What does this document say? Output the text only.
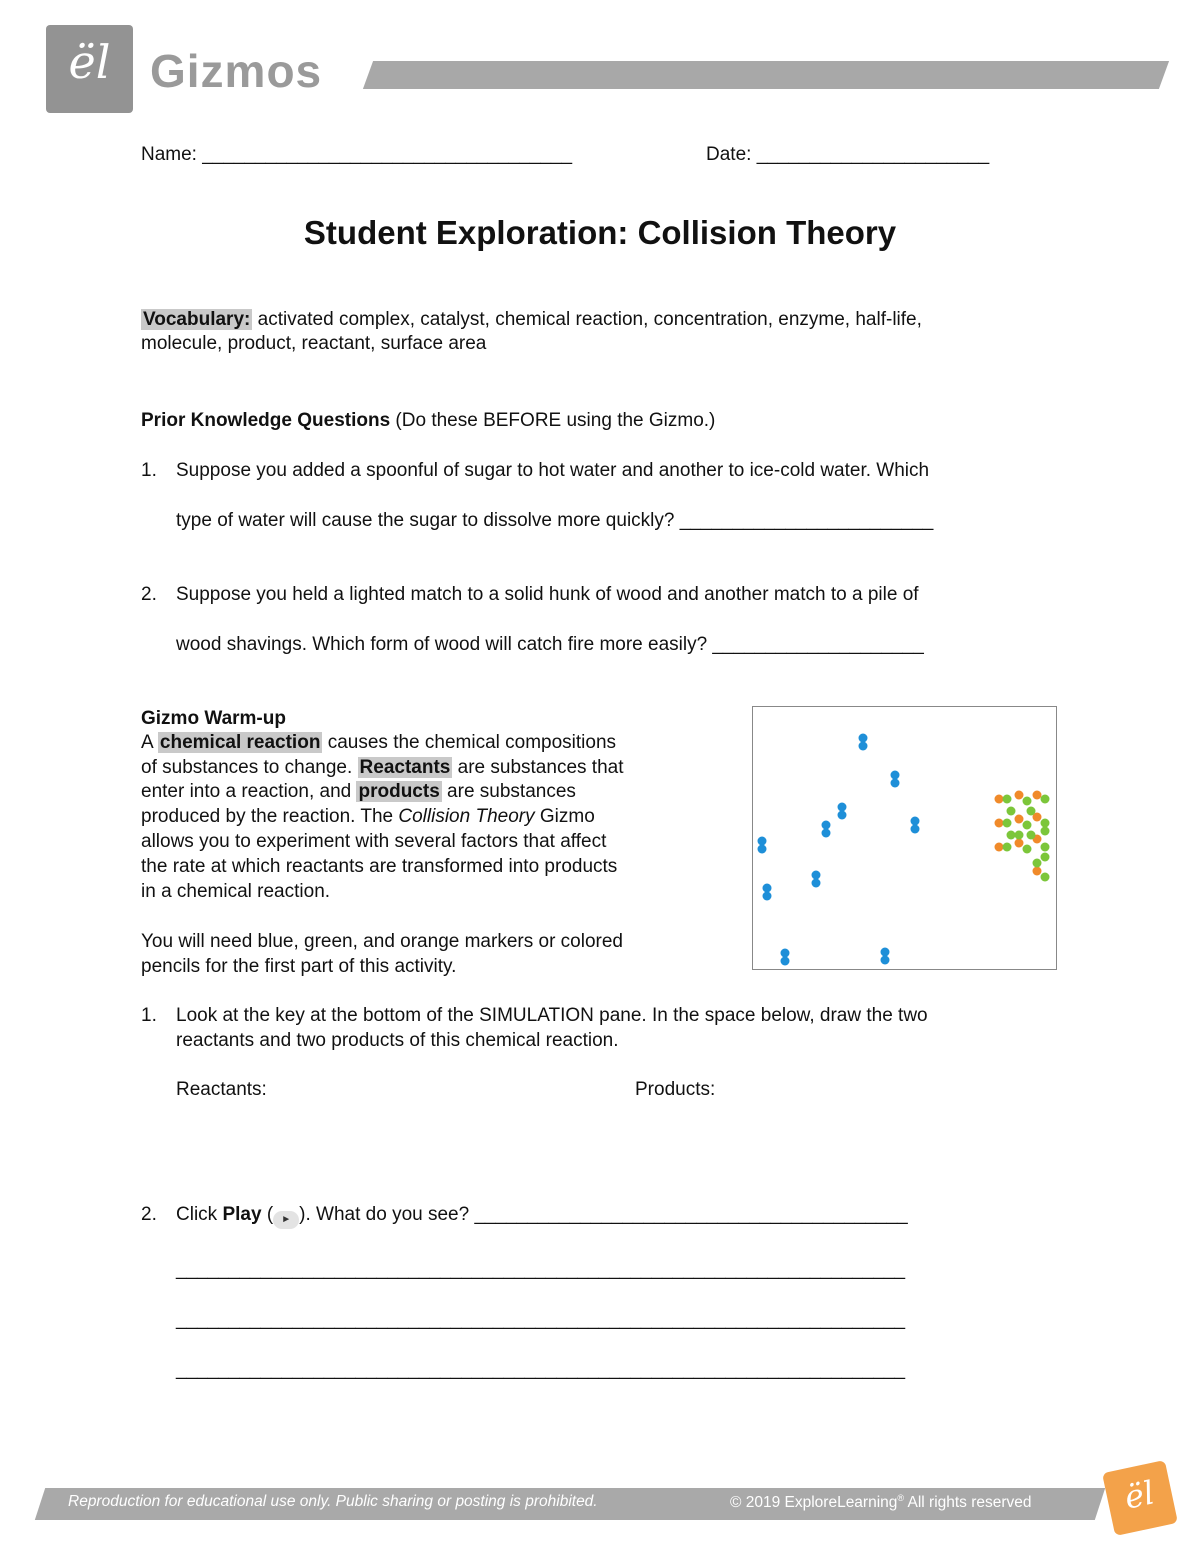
ël Gizmos
Name: ___________________________________	Date: ______________________
Student Exploration: Collision Theory
Vocabulary: activated complex, catalyst, chemical reaction, concentration, enzyme, half-life,
molecule, product, reactant, surface area
Prior Knowledge Questions (Do these BEFORE using the Gizmo.)
1. Suppose you added a spoonful of sugar to hot water and another to ice-cold water. Which
type of water will cause the sugar to dissolve more quickly? ________________________
2. Suppose you held a lighted match to a solid hunk of wood and another match to a pile of
wood shavings. Which form of wood will catch fire more easily? ____________________
Gizmo Warm-up
A chemical reaction causes the chemical compositions
of substances to change. Reactants are substances that
enter into a reaction, and products are substances
produced by the reaction. The Collision Theory Gizmo
allows you to experiment with several factors that affect
the rate at which reactants are transformed into products
in a chemical reaction.
You will need blue, green, and orange markers or colored
pencils for the first part of this activity.
1. Look at the key at the bottom of the SIMULATION pane. In the space below, draw the two
reactants and two products of this chemical reaction.
Reactants:	Products:
2. Click Play ( ► ). What do you see? _________________________________________
_____________________________________________________________________
_____________________________________________________________________
_____________________________________________________________________
Reproduction for educational use only. Public sharing or posting is prohibited.	© 2019 ExploreLearning® All rights reserved	ël
